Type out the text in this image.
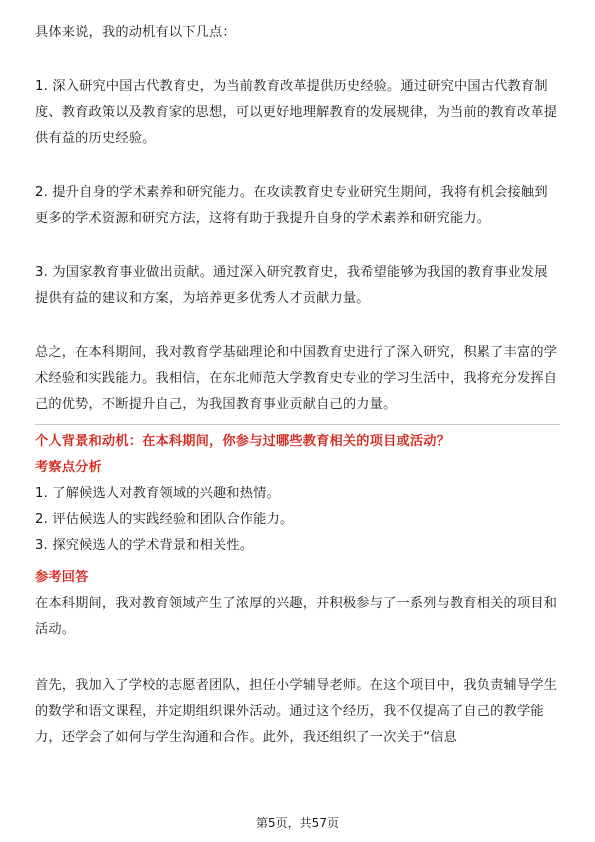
具体来说，我的动机有以下几点：

1. 深入研究中国古代教育史，为当前教育改革提供历史经验。通过研究中国古代教育制度、教育政策以及教育家的思想，可以更好地理解教育的发展规律，为当前的教育改革提供有益的历史经验。

2. 提升自身的学术素养和研究能力。在攻读教育史专业研究生期间，我将有机会接触到更多的学术资源和研究方法，这将有助于我提升自身的学术素养和研究能力。

3. 为国家教育事业做出贡献。通过深入研究教育史，我希望能够为我国的教育事业发展提供有益的建议和方案，为培养更多优秀人才贡献力量。

总之，在本科期间，我对教育学基础理论和中国教育史进行了深入研究，积累了丰富的学术经验和实践能力。我相信，在东北师范大学教育史专业的学习生活中，我将充分发挥自己的优势，不断提升自己，为我国教育事业贡献自己的力量。

个人背景和动机：在本科期间，你参与过哪些教育相关的项目或活动？

考察点分析

1. 了解候选人对教育领域的兴趣和热情。

2. 评估候选人的实践经验和团队合作能力。

3. 探究候选人的学术背景和相关性。

参考回答

在本科期间，我对教育领域产生了浓厚的兴趣，并积极参与了一系列与教育相关的项目和活动。

首先，我加入了学校的志愿者团队，担任小学辅导老师。在这个项目中，我负责辅导学生的数学和语文课程，并定期组织课外活动。通过这个经历，我不仅提高了自己的教学能力，还学会了如何与学生沟通和合作。此外，我还组织了一次关于“信息

第5页，共57页
